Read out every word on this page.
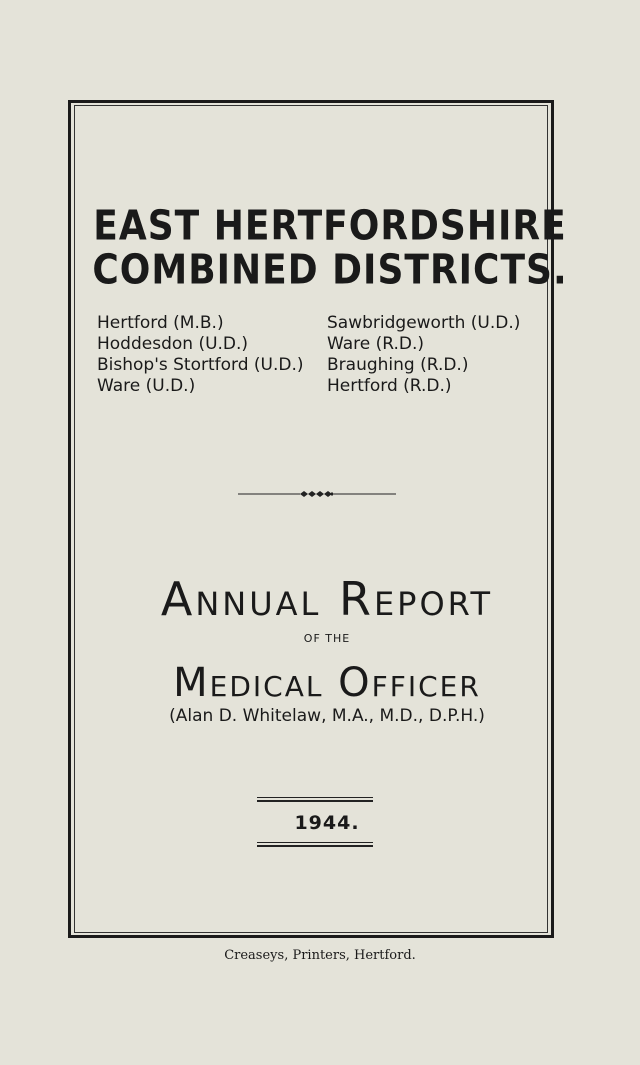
EAST HERTFORDSHIRE
COMBINED DISTRICTS.
Hertford (M.B.)
Hoddesdon (U.D.)
Bishop's Stortford (U.D.)
Ware (U.D.)
Sawbridgeworth (U.D.)
Ware (R.D.)
Braughing (R.D.)
Hertford (R.D.)
Annual Report
OF THE
Medical Officer
(Alan D. Whitelaw, M.A., M.D., D.P.H.)
1944.
Creaseys, Printers, Hertford.
